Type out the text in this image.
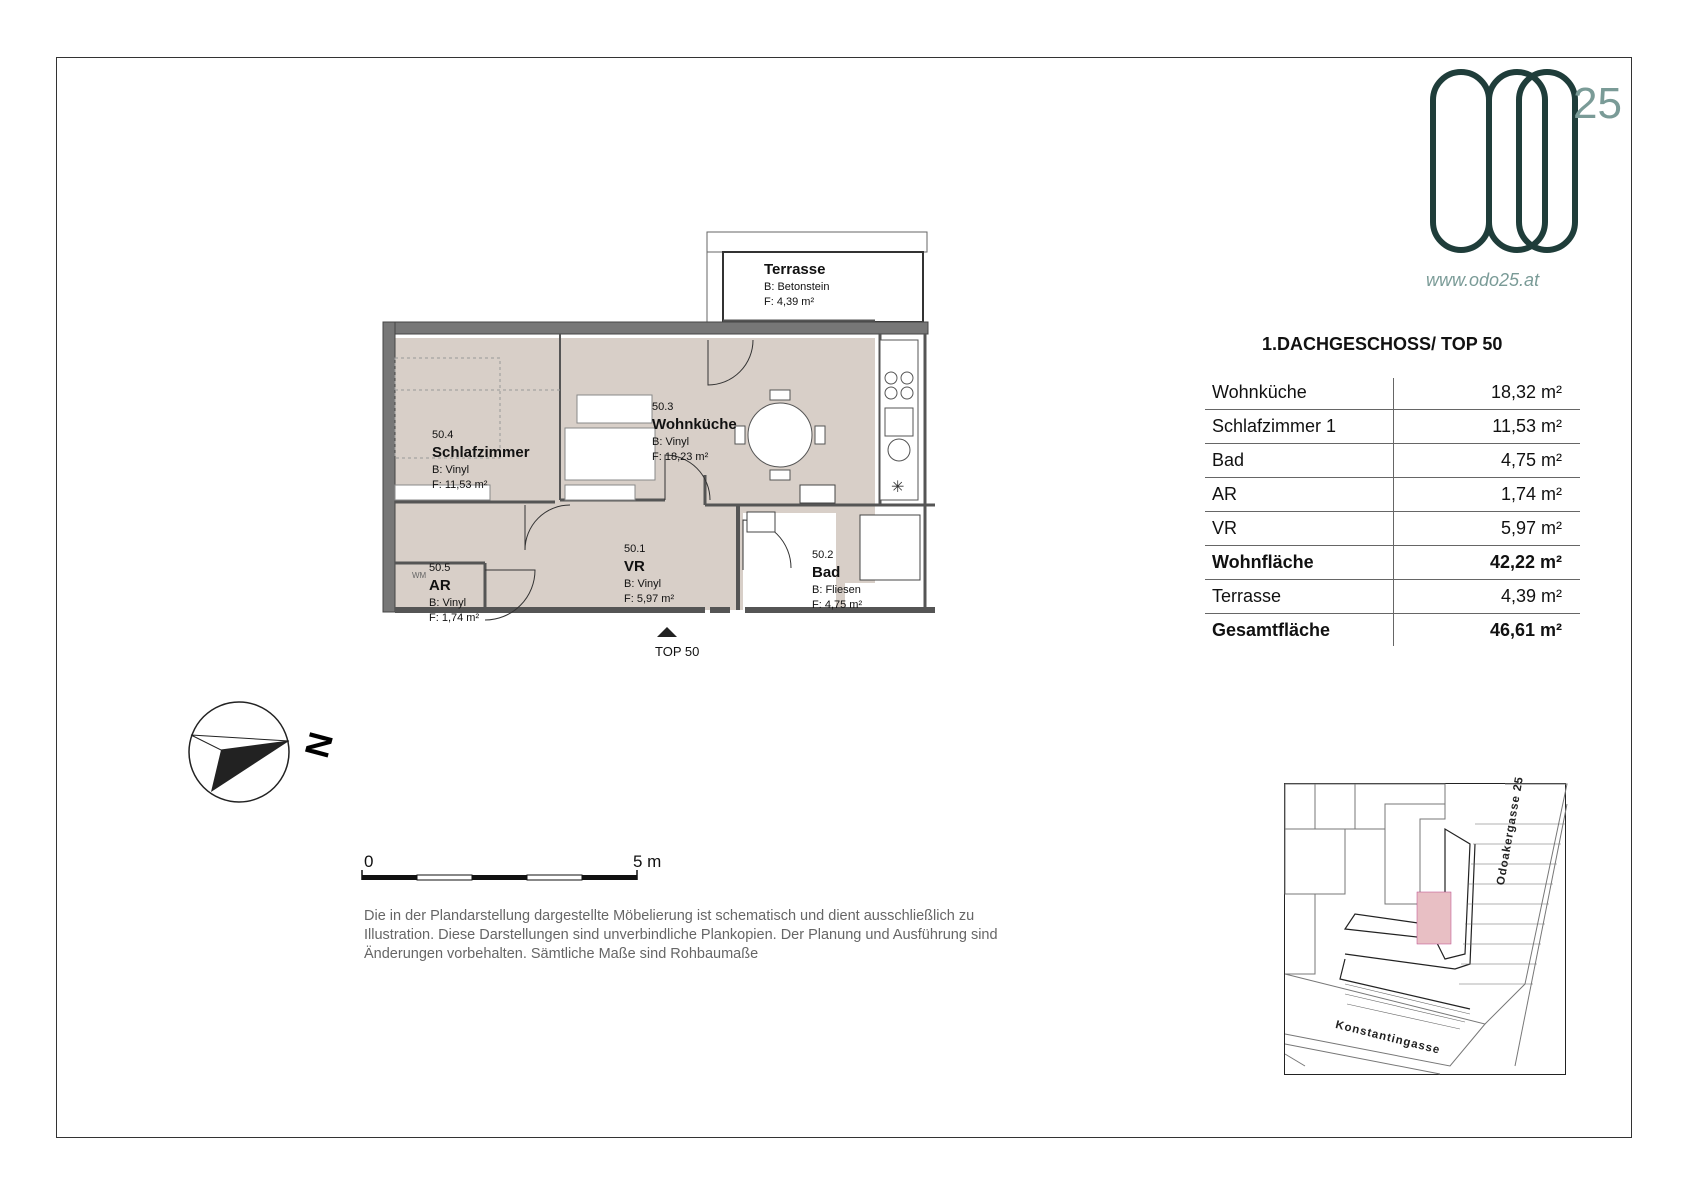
25
www.odo25.at
1.DACHGESCHOSS/ TOP 50
Wohnküche	18,32 m²
Schlafzimmer 1	11,53 m²
Bad	4,75 m²
AR	1,74 m²
VR	5,97 m²
Wohnfläche	42,22 m²
Terrasse	4,39 m²
Gesamtfläche	46,61 m²
✳
Terrasse
B: Betonstein
F: 4,39 m²
50.3
Wohnküche
B: Vinyl
F: 18,23 m²
50.4
Schlafzimmer
B: Vinyl
F: 11,53 m²
50.5
AR
B: Vinyl
F: 1,74 m²
50.1
VR
B: Vinyl
F: 5,97 m²
50.2
Bad
B: Fliesen
F: 4,75 m²
WM
TOP 50
N
0	5 m
Die in der Plandarstellung dargestellte Möbelierung ist schematisch und dient ausschließlich zu Illustration. Diese Darstellungen sind unverbindliche Plankopien. Der Planung und Ausführung sind Änderungen vorbehalten. Sämtliche Maße sind Rohbaumaße
Odoakergasse 25
Konstantingasse
